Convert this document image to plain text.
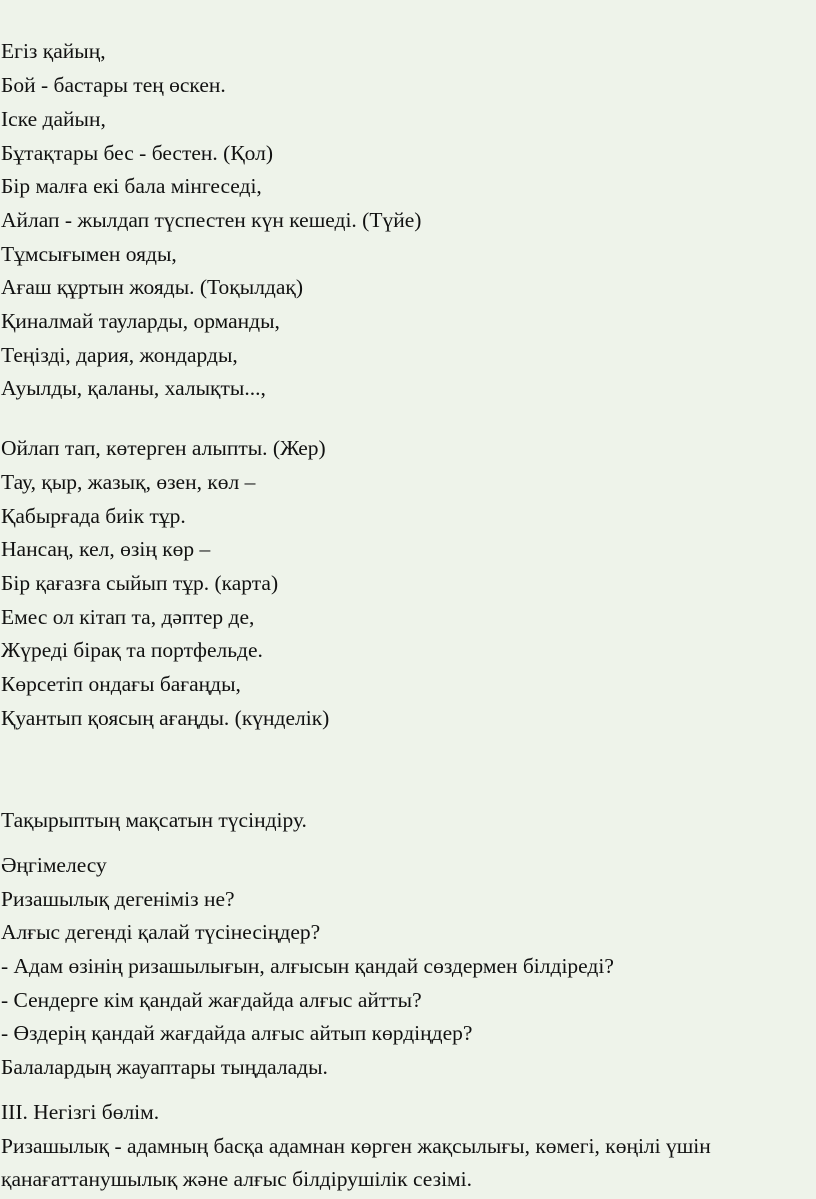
Егіз қайың,

Бой - бастары тең өскен.

Іске дайын,

Бұтақтары бес - бестен. (Қол)

Бір малға екі бала мінгеседі,

Айлап - жылдап түспестен күн кешеді. (Түйе)

Тұмсығымен ояды,

Ағаш құртын жояды. (Тоқылдақ)

Қиналмай тауларды, орманды,

Теңізді, дария, жондарды,

Ауылды, қаланы, халықты...,

Ойлап тап, көтерген алыпты. (Жер)

Тау, қыр, жазық, өзен, көл –

Қабырғада биік тұр.

Нансаң, кел, өзің көр –

Бір қағазға сыйып тұр. (карта)

Емес ол кітап та, дәптер де,

Жүреді бірақ та портфельде.

Көрсетіп ондағы бағаңды,

Қуантып қоясың ағаңды. (күнделік)

Тақырыптың мақсатын түсіндіру.

Әңгімелесу

Ризашылық дегеніміз не?

Алғыс дегенді қалай түсінесіңдер?

- Адам өзінің ризашылығын, алғысын қандай сөздермен білдіреді?

- Сендерге кім қандай жағдайда алғыс айтты?

- Өздерің қандай жағдайда алғыс айтып көрдіңдер?

Балалардың жауаптары тыңдалады.

ІІІ. Негізгі бөлім.

Ризашылық - адамның басқа адамнан көрген жақсылығы, көмегі, көңілі үшін

қанағаттанушылық және алғыс білдірушілік сезімі.
